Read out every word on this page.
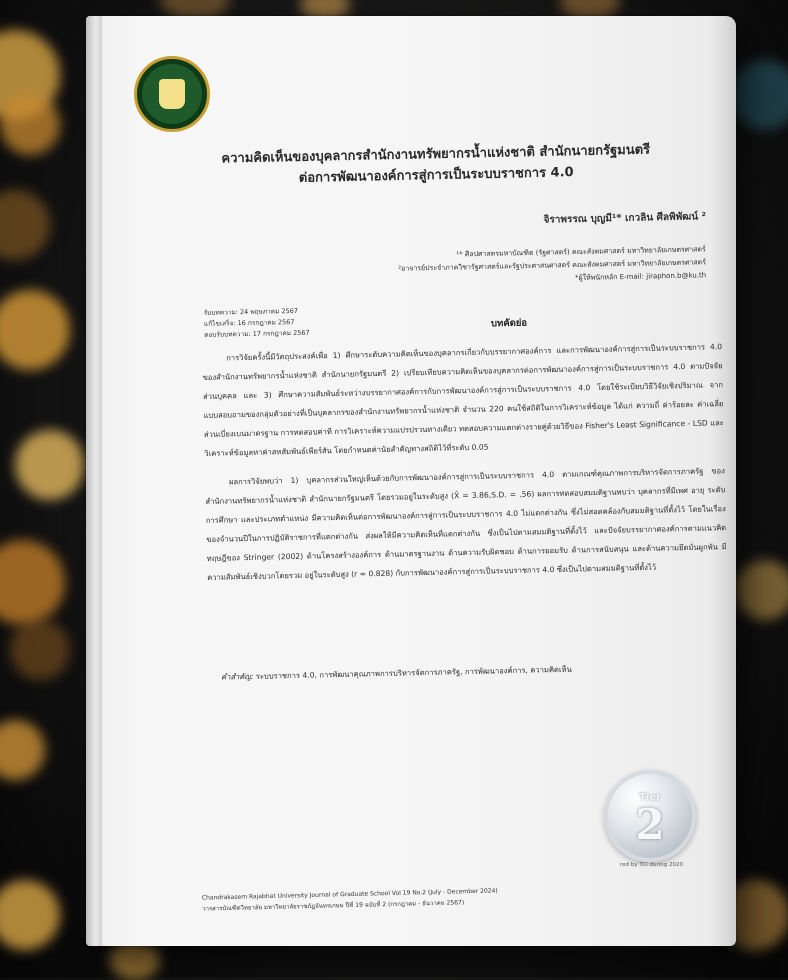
ความคิดเห็นของบุคลากรสำนักงานทรัพยากรน้ำแห่งชาติ สำนักนายกรัฐมนตรี
ต่อการพัฒนาองค์การสู่การเป็นระบบราชการ 4.0
จิราพรรณ บุญมี¹* เกวลิน ศีลพิพัฒน์ ²
¹* ศิลปศาสตรมหาบัณฑิต (รัฐศาสตร์) คณะสังคมศาสตร์ มหาวิทยาลัยเกษตรศาสตร์
²อาจารย์ประจำภาควิชารัฐศาสตร์และรัฐประศาสนศาสตร์ คณะสังคมศาสตร์ มหาวิทยาลัยเกษตรศาสตร์
*ผู้ให้พนักหลัก E-mail: jiraphon.b@ku.th
รับบทความ: 24 พฤษภาคม 2567
แก้ไขเสร็จ: 16 กรกฎาคม 2567
ตอบรับบทความ: 17 กรกฎาคม 2567
บทคัดย่อ

การวิจัยครั้งนี้มีวัตถุประสงค์เพื่อ 1) ศึกษาระดับความคิดเห็นของบุคลากรเกี่ยวกับบรรยากาศองค์การ และการพัฒนาองค์การสู่การเป็นระบบราชการ 4.0 ของสำนักงานทรัพยากรน้ำแห่งชาติ สำนักนายกรัฐมนตรี 2) เปรียบเทียบความคิดเห็นของบุคลากรต่อการพัฒนาองค์การสู่การเป็นระบบราชการ 4.0 ตามปัจจัยส่วนบุคคล และ 3) ศึกษาความสัมพันธ์ระหว่างบรรยากาศองค์การกับการพัฒนาองค์การสู่การเป็นระบบราชการ 4.0 โดยใช้ระเบียบวิธีวิจัยเชิงปริมาณ จากแบบสอบถามของกลุ่มตัวอย่างที่เป็นบุคลากรของสำนักงานทรัพยากรน้ำแห่งชาติ จำนวน 220 คนใช้สถิติในการวิเคราะห์ข้อมูล ได้แก่ ความถี่ ค่าร้อยละ ค่าเฉลี่ย ส่วนเบี่ยงเบนมาตรฐาน การทดสอบค่าที การวิเคราะห์ความแปรปรวนทางเดียว ทดสอบความแตกต่างรายคู่ด้วยวิธีของ Fisher's Least Significance - LSD และวิเคราะห์ข้อมูลหาค่าสหสัมพันธ์เพียร์สัน โดยกำหนดค่านัยสำคัญทางสถิติไว้ที่ระดับ 0.05

ผลการวิจัยพบว่า 1) บุคลากรส่วนใหญ่เห็นด้วยกับการพัฒนาองค์การสู่การเป็นระบบราชการ 4.0 ตามเกณฑ์คุณภาพการบริหารจัดการภาครัฐ ของสำนักงานทรัพยากรน้ำแห่งชาติ สำนักนายกรัฐมนตรี โดยรวมอยู่ในระดับสูง (X̄ = 3.86,S.D. = .56) ผลการทดสอบสมมติฐานพบว่า บุคลากรที่มีเพศ อายุ ระดับการศึกษา และประเภทตำแหน่ง มีความคิดเห็นต่อการพัฒนาองค์การสู่การเป็นระบบราชการ 4.0 ไม่แตกต่างกัน ซึ่งไม่สอดคล้องกับสมมติฐานที่ตั้งไว้ โดยในเรื่องของจำนวนปีในการปฏิบัติราชการที่แตกต่างกัน ส่งผลให้มีความคิดเห็นที่แตกต่างกัน ซึ่งเป็นไปตามสมมติฐานที่ตั้งไว้ และปัจจัยบรรยากาศองค์การตามแนวคิดทฤษฎีของ Stringer (2002) ด้านโครงสร้างองค์การ ด้านมาตรฐานงาน ด้านความรับผิดชอบ ด้านการยอมรับ ด้านการสนับสนุน และด้านความยึดมั่นผูกพัน มีความสัมพันธ์เชิงบวกโดยรวม อยู่ในระดับสูง (r = 0.828) กับการพัฒนาองค์การสู่การเป็นระบบราชการ 4.0 ซึ่งเป็นไปตามสมมติฐานที่ตั้งไว้

คำสำคัญ: ระบบราชการ 4.0, การพัฒนาคุณภาพการบริหารจัดการภาครัฐ, การพัฒนาองค์การ, ความคิดเห็น
Chandrakasem Rajabhat University Journal of Graduate School Vol 19 No.2 (July - December 2024)
วารสารบัณฑิตวิทยาลัย มหาวิทยาลัยราชภัฏจันทรเกษม ปีที่ 19 ฉบับที่ 2 (กรกฎาคม - ธันวาคม 2567)
Tier
2
red by TCI during 2020
